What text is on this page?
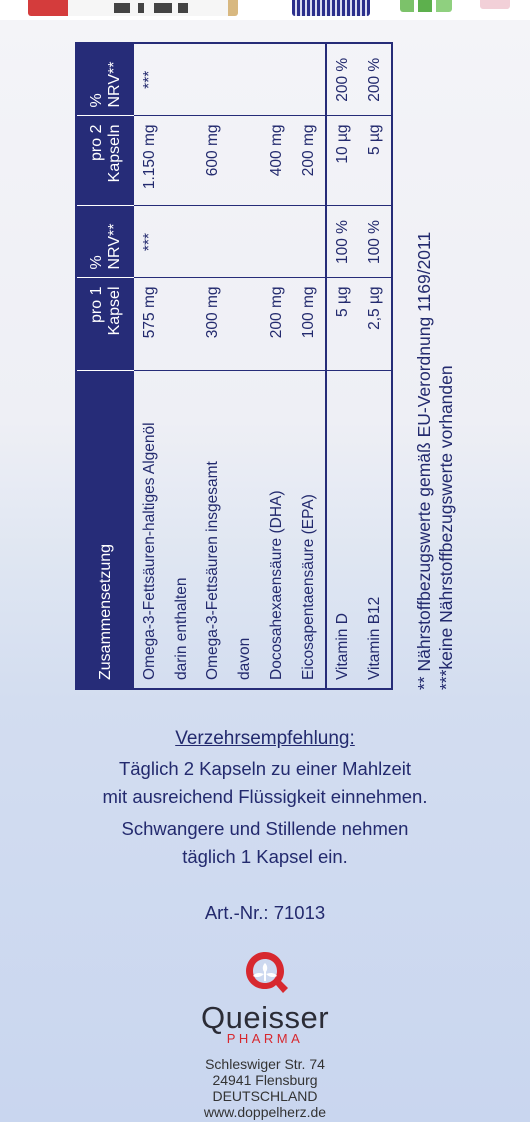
Zusammensetzung	pro 1 Kapsel	% NRV**	pro 2 Kapseln	% NRV**
Omega-3-Fettsäuren-haltiges Algenöl	575 mg	***	1.150 mg	***
darin enthalten				
Omega-3-Fettsäuren insgesamt	300 mg		600 mg	
davon				
Docosahexaensäure (DHA)	200 mg		400 mg	
Eicosapentaensäure (EPA)	100 mg		200 mg	
Vitamin D	5 µg	100 %	10 µg	200 %
Vitamin B12	2,5 µg	100 %	5 µg	200 %
** Nährstoffbezugswerte gemäß EU-Verordnung 1169/2011 ***keine Nährstoffbezugswerte vorhanden
Verzehrsempfehlung:
Täglich 2 Kapseln zu einer Mahlzeit
mit ausreichend Flüssigkeit einnehmen.
Schwangere und Stillende nehmen
täglich 1 Kapsel ein.
Art.-Nr.: 71013
Queisser
PHARMA
Schleswiger Str. 74
24941 Flensburg
DEUTSCHLAND
www.doppelherz.de
